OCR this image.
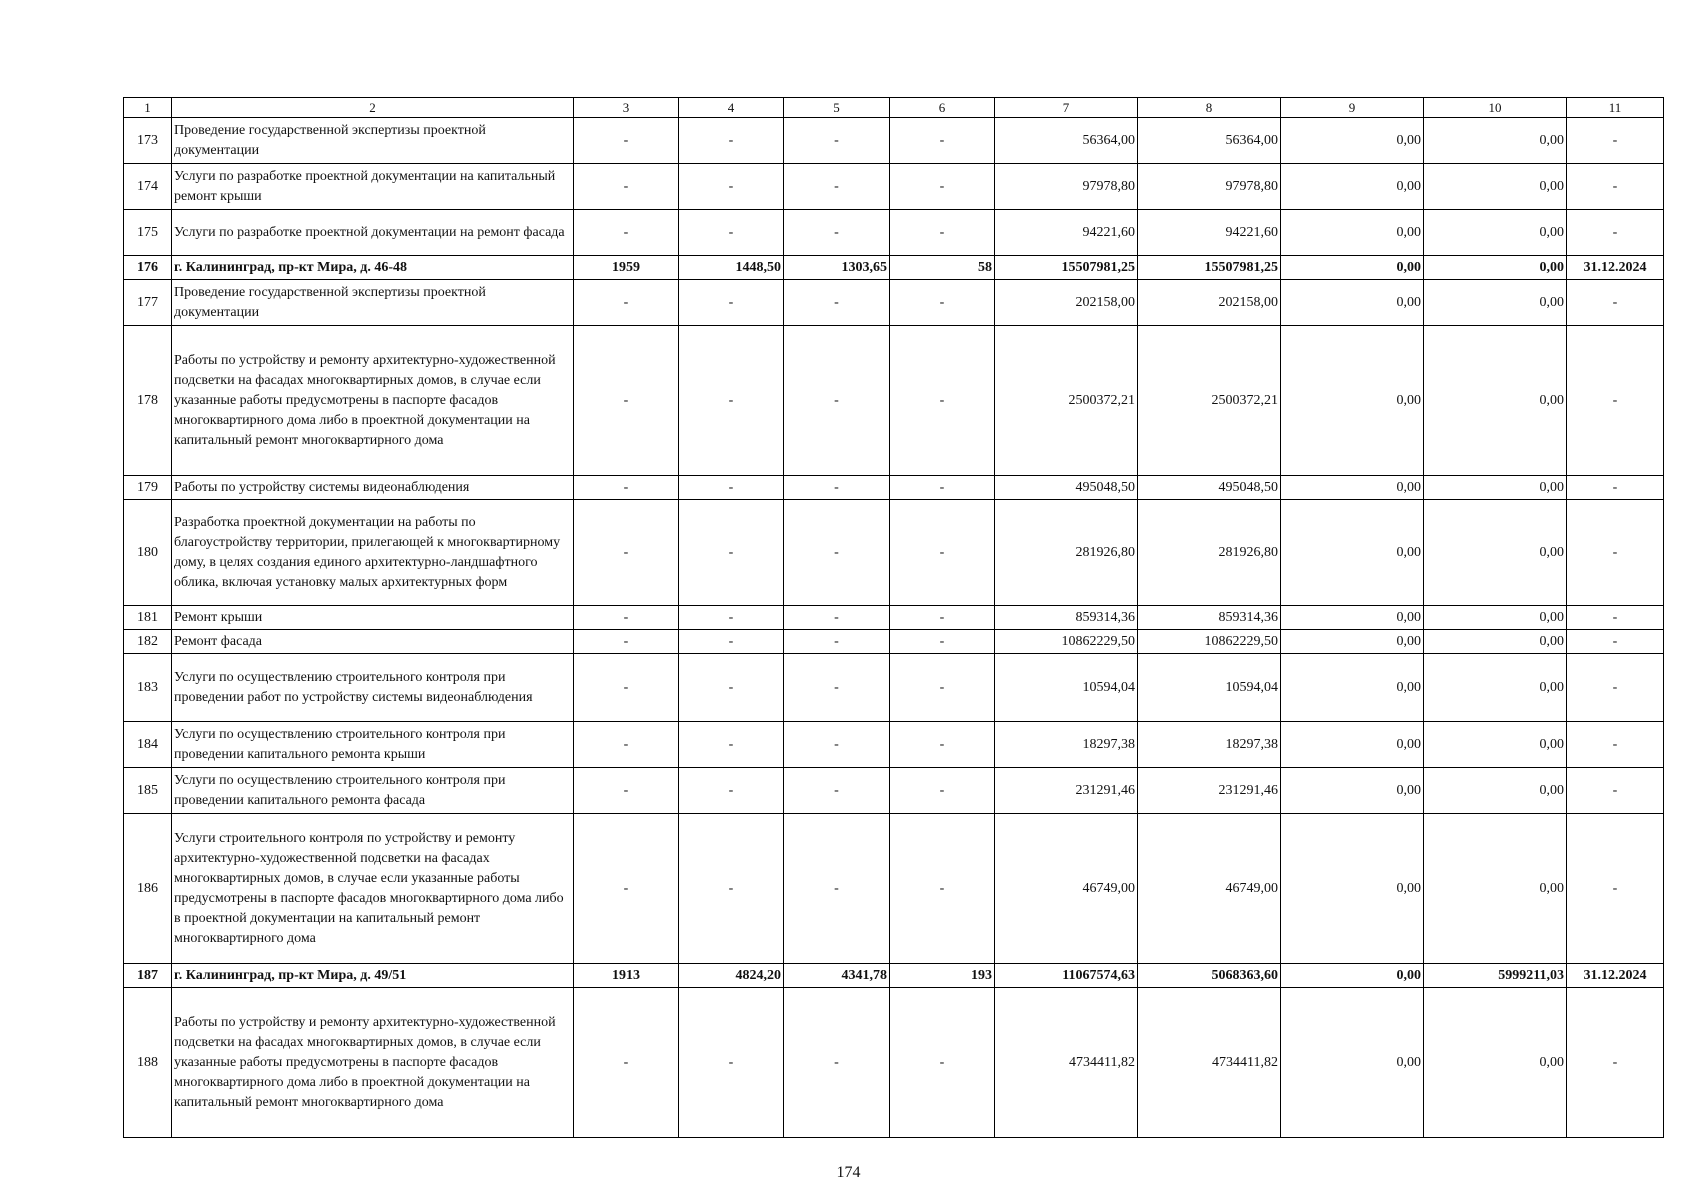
1	2	3	4	5	6	7	8	9	10	11
173	Проведение государственной экспертизы проектной документации	-	-	-	-	56364,00	56364,00	0,00	0,00	-
174	Услуги по разработке проектной документации на капитальный ремонт крыши	-	-	-	-	97978,80	97978,80	0,00	0,00	-
175	Услуги по разработке проектной документации на ремонт фасада	-	-	-	-	94221,60	94221,60	0,00	0,00	-
176	г. Калининград, пр-кт Мира, д. 46-48	1959	1448,50	1303,65	58	15507981,25	15507981,25	0,00	0,00	31.12.2024
177	Проведение государственной экспертизы проектной документации	-	-	-	-	202158,00	202158,00	0,00	0,00	-
178	Работы по устройству и ремонту архитектурно-художественной подсветки на фасадах многоквартирных домов, в случае если указанные работы предусмотрены в паспорте фасадов многоквартирного дома либо в проектной документации на капитальный ремонт многоквартирного дома	-	-	-	-	2500372,21	2500372,21	0,00	0,00	-
179	Работы по устройству системы видеонаблюдения	-	-	-	-	495048,50	495048,50	0,00	0,00	-
180	Разработка проектной документации на работы по благоустройству территории, прилегающей к многоквартирному дому, в целях создания единого архитектурно-ландшафтного облика, включая установку малых архитектурных форм	-	-	-	-	281926,80	281926,80	0,00	0,00	-
181	Ремонт крыши	-	-	-	-	859314,36	859314,36	0,00	0,00	-
182	Ремонт фасада	-	-	-	-	10862229,50	10862229,50	0,00	0,00	-
183	Услуги по осуществлению строительного контроля при проведении работ по устройству системы видеонаблюдения	-	-	-	-	10594,04	10594,04	0,00	0,00	-
184	Услуги по осуществлению строительного контроля при проведении капитального ремонта крыши	-	-	-	-	18297,38	18297,38	0,00	0,00	-
185	Услуги по осуществлению строительного контроля при проведении капитального ремонта фасада	-	-	-	-	231291,46	231291,46	0,00	0,00	-
186	Услуги строительного контроля по устройству и ремонту архитектурно-художественной подсветки на фасадах многоквартирных домов, в случае если указанные работы предусмотрены в паспорте фасадов многоквартирного дома либо в проектной документации на капитальный ремонт многоквартирного дома	-	-	-	-	46749,00	46749,00	0,00	0,00	-
187	г. Калининград, пр-кт Мира, д. 49/51	1913	4824,20	4341,78	193	11067574,63	5068363,60	0,00	5999211,03	31.12.2024
188	Работы по устройству и ремонту архитектурно-художественной подсветки на фасадах многоквартирных домов, в случае если указанные работы предусмотрены в паспорте фасадов многоквартирного дома либо в проектной документации на капитальный ремонт многоквартирного дома	-	-	-	-	4734411,82	4734411,82	0,00	0,00	-
174
